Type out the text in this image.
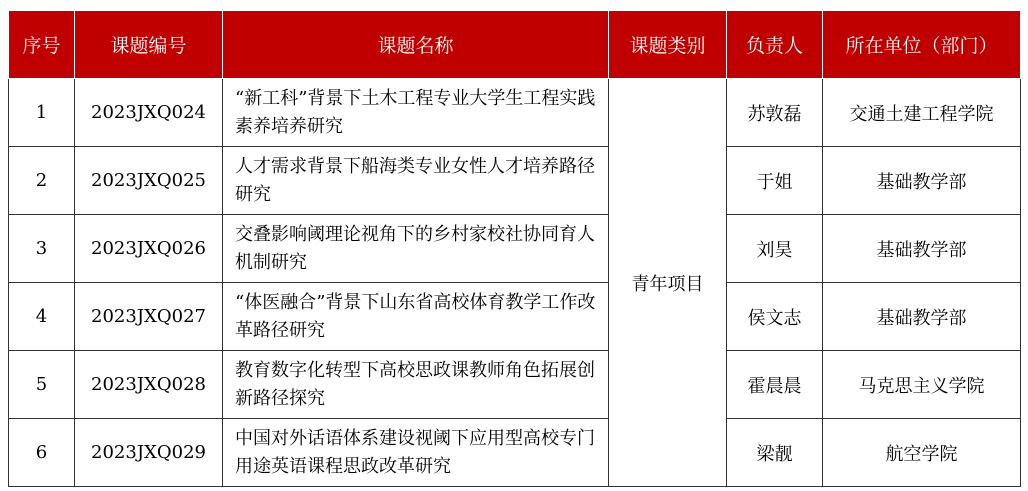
序号	课题编号	课题名称	课题类别	负责人	所在单位（部门）
1	2023JXQ024	“新工科”背景下土木工程专业大学生工程实践素养培养研究	青年项目	苏敦磊	交通土建工程学院
2	2023JXQ025	人才需求背景下船海类专业女性人才培养路径研究		于姐	基础教学部
3	2023JXQ026	交叠影响阈理论视角下的乡村家校社协同育人机制研究		刘昊	基础教学部
4	2023JXQ027	“体医融合”背景下山东省高校体育教学工作改革路径研究		侯文志	基础教学部
5	2023JXQ028	教育数字化转型下高校思政课教师角色拓展创新路径探究		霍晨晨	马克思主义学院
6	2023JXQ029	中国对外话语体系建设视阈下应用型高校专门用途英语课程思政改革研究		梁靓	航空学院
